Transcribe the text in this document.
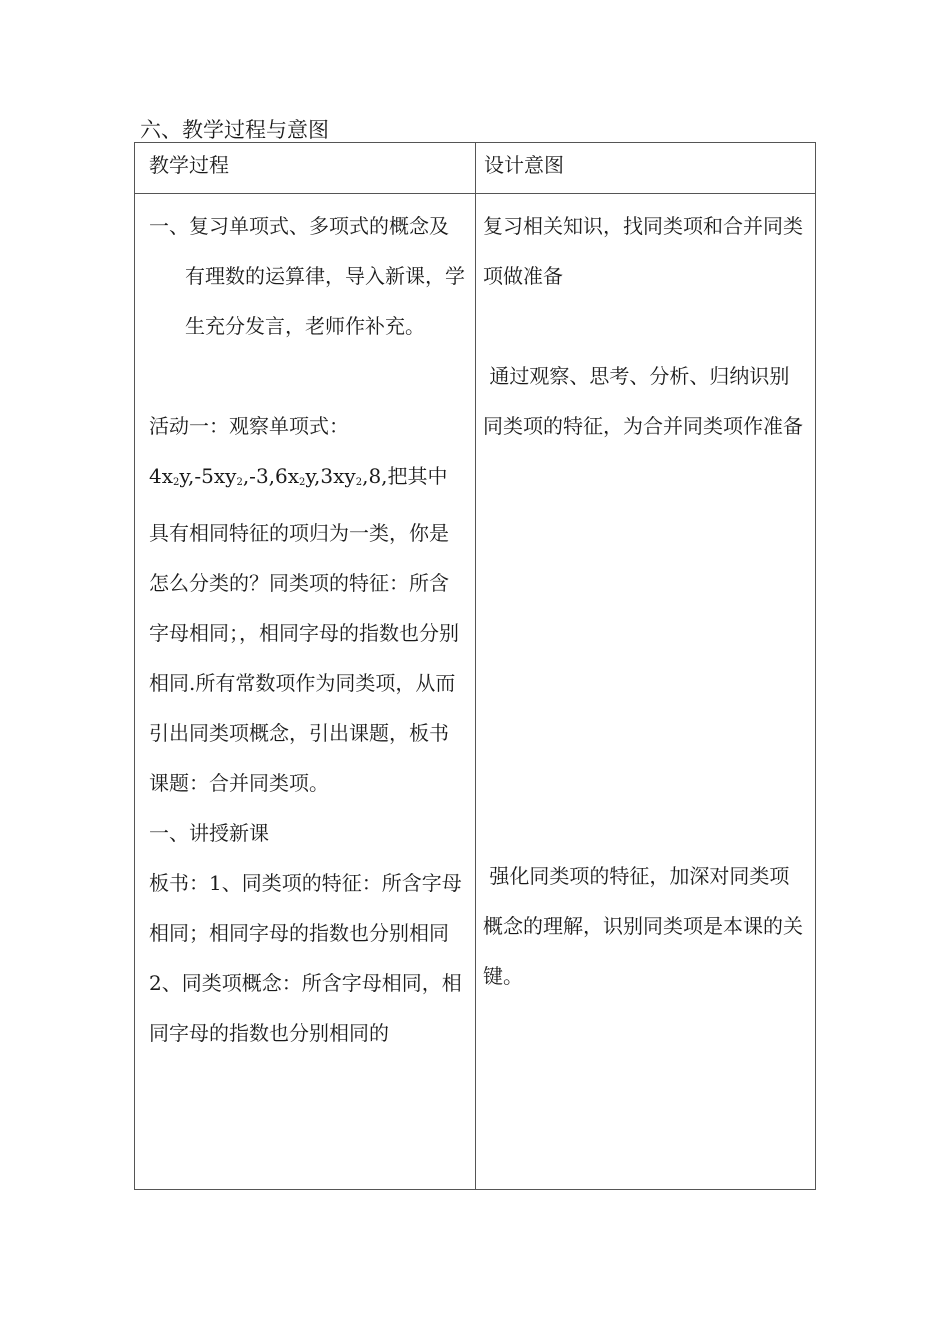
六、教学过程与意图
教学过程	设计意图

一、复习单项式、多项式的概念及有理数的运算律，导入新课，学生充分发言，老师作补充。

活动一：观察单项式：$4x_2y,-5xy_2,-3,6x_2y,3xy_2,8$,把其中具有相同特征的项归为一类，你是怎么分类的？同类项的特征：所含字母相同；，相同字母的指数也分别相同.所有常数项作为同类项，从而引出同类项概念，引出课题，板书课题：合并同类项。

一、讲授新课

板书：1、同类项的特征：所含字母相同；相同字母的指数也分别相同

2、同类项概念：所含字母相同，相同字母的指数也分别相同的

复习相关知识，找同类项和合并同类项做准备

通过观察、思考、分析、归纳识别同类项的特征，为合并同类项作准备

强化同类项的特征，加深对同类项概念的理解，识别同类项是本课的关键。
